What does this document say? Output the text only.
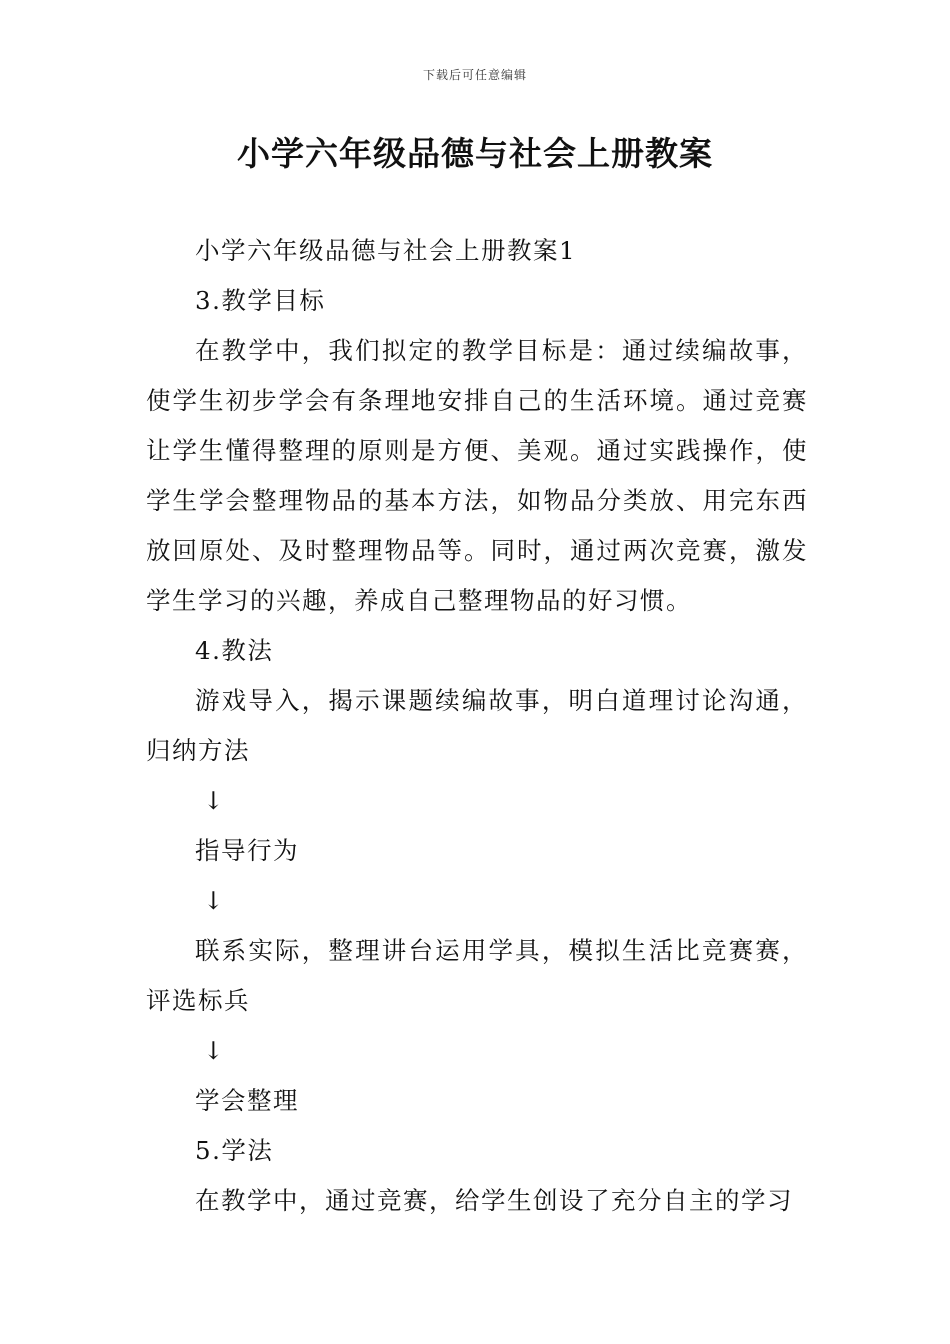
下载后可任意编辑
小学六年级品德与社会上册教案

小学六年级品德与社会上册教案1

3.教学目标

在教学中，我们拟定的教学目标是：通过续编故事，使学生初步学会有条理地安排自己的生活环境。通过竞赛让学生懂得整理的原则是方便、美观。通过实践操作，使学生学会整理物品的基本方法，如物品分类放、用完东西放回原处、及时整理物品等。同时，通过两次竞赛，激发学生学习的兴趣，养成自己整理物品的好习惯。

4.教法

游戏导入，揭示课题续编故事，明白道理讨论沟通，归纳方法

↓

指导行为

↓

联系实际，整理讲台运用学具，模拟生活比竞赛赛，评选标兵

↓

学会整理

5.学法

在教学中，通过竞赛，给学生创设了充分自主的学习
